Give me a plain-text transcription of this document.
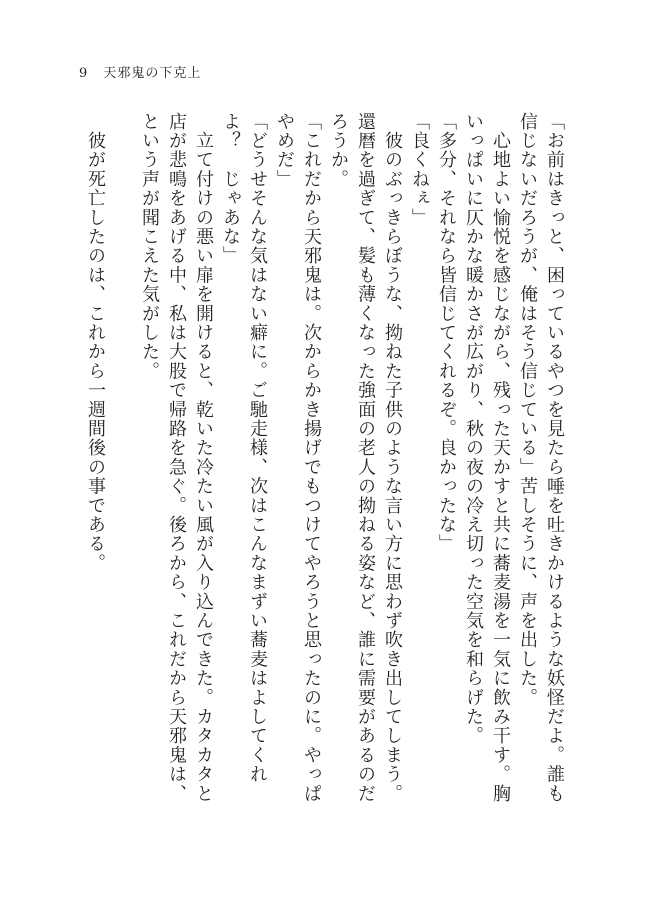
9 天邪鬼の下克上

「お前はきっと、困っているやつを見たら唾を吐きかけるような妖怪だよ。誰も信じないだろうが、俺はそう信じている」苦しそうに、声を出した。

　心地よい愉悦を感じながら、残った天かすと共に蕎麦湯を一気に飲み干す。胸いっぱいに仄かな暖かさが広がり、秋の夜の冷え切った空気を和らげた。

「多分、それなら皆信じてくれるぞ。良かったな」

「良くねぇ」

　彼のぶっきらぼうな、拗ねた子供のような言い方に思わず吹き出してしまう。還暦を過ぎて、髪も薄くなった強面の老人の拗ねる姿など、誰に需要があるのだろうか。

「これだから天邪鬼は。次からかき揚げでもつけてやろうと思ったのに。やっぱやめだ」

「どうせそんな気はない癖に。ご馳走様、次はこんなまずい蕎麦はよしてくれよ？　じゃあな」

　立て付けの悪い扉を開けると、乾いた冷たい風が入り込んできた。カタカタと店が悲鳴をあげる中、私は大股で帰路を急ぐ。後ろから、これだから天邪鬼は、という声が聞こえた気がした。

　彼が死亡したのは、これから一週間後の事である。
